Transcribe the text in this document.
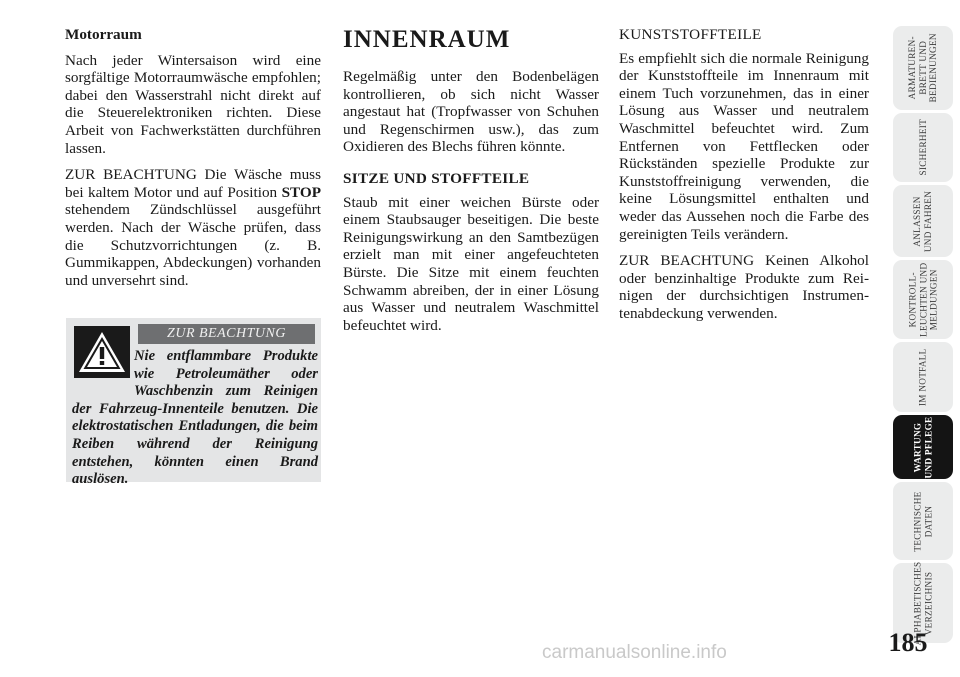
Motorraum

Nach jeder Wintersaison wird eine sorgfältige Motorraumwäsche empfohlen; dabei den Wasserstrahl nicht direkt auf die Steuerelektroniken richten. Diese Arbeit von Fachwerkstätten durchführen lassen.

ZUR BEACHTUNG Die Wäsche muss bei kaltem Motor und auf Position STOP stehendem Zündschlüssel ausgeführt werden. Nach der Wäsche prüfen, dass die Schutzvorrichtungen (z. B. Gummikappen, Abdeckungen) vorhanden und unversehrt sind.

ZUR BEACHTUNG
Nie entflammbare Produkte wie Petroleumäther oder Waschbenzin zum Reinigen der Fahrzeug-Innenteile benutzen. Die elektrostatischen Entladungen, die beim Reiben während der Reinigung entstehen, könnten einen Brand auslösen.
INNENRAUM

Regelmäßig unter den Bodenbelägen kontrollieren, ob sich nicht Wasser angestaut hat (Tropfwasser von Schuhen und Regenschirmen usw.), das zum Oxidieren des Blechs führen könnte.

SITZE UND STOFFTEILE

Staub mit einer weichen Bürste oder einem Staubsauger beseitigen. Die beste Reinigungswirkung an den Samtbezügen erzielt man mit einer angefeuchteten Bürste. Die Sitze mit einem feuchten Schwamm abreiben, der in einer Lösung aus Wasser und neutralem Waschmittel befeuchtet wird.

KUNSTSTOFFTEILE

Es empfiehlt sich die normale Reinigung der Kunststoffteile im Innenraum mit einem Tuch vorzunehmen, das in einer Lösung aus Wasser und neutralem Waschmittel befeuchtet wird. Zum Entfernen von Fettflecken oder Rückständen spezielle Produkte zur Kunststoffreinigung verwenden, die keine Lösungsmittel enthalten und weder das Aussehen noch die Farbe des gereinigten Teils verändern.

ZUR BEACHTUNG Keinen Alkohol oder benzinhaltige Produkte zum Reinigen der durchsichtigen Instrumentenabdeckung verwenden.

ARMATUREN- BRETT UND BEDIENUNGEN
SICHERHEIT
ANLASSEN UND FAHREN
KONTROLL- LEUCHTEN UND MELDUNGEN
IM NOTFALL
WARTUNG UND PFLEGE
TECHNISCHE DATEN
ALPHABETISCHES VERZEICHNIS
185
carmanualsonline.info
